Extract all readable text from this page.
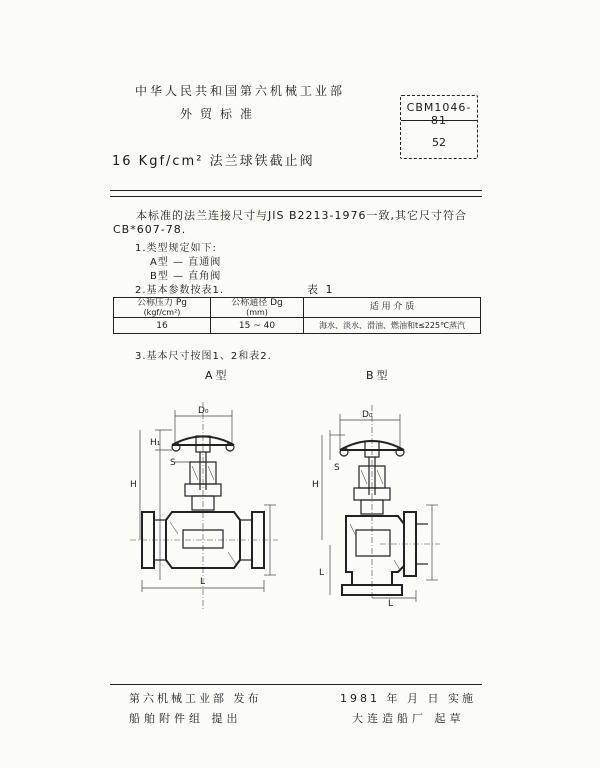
中华人民共和国第六机械工业部
外贸标准	CBM1046-81
52
16 Kgf/cm² 法兰球铁截止阀
本标准的法兰连接尺寸与JIS B2213-1976一致,其它尺寸符合
CB*607-78.
1.类型规定如下:
A型 — 直通阀
B型 — 直角阀
2.基本参数按表1.	表 1
公称压力 Pg
(kgf/cm²)	公称通径 Dg
(mm)	适 用 介 质
16	15 ~ 40	海水、淡水、滑油、燃油和t≤225℃蒸汽
3.基本尺寸按图1、2和表2.
A型	B型
D₀
H₁
S
H
L
D₀
S
H
L
L
第六机械工业部 发布
船舶附件组 提出
1981 年 月 日 实施
大连造船厂 起草
